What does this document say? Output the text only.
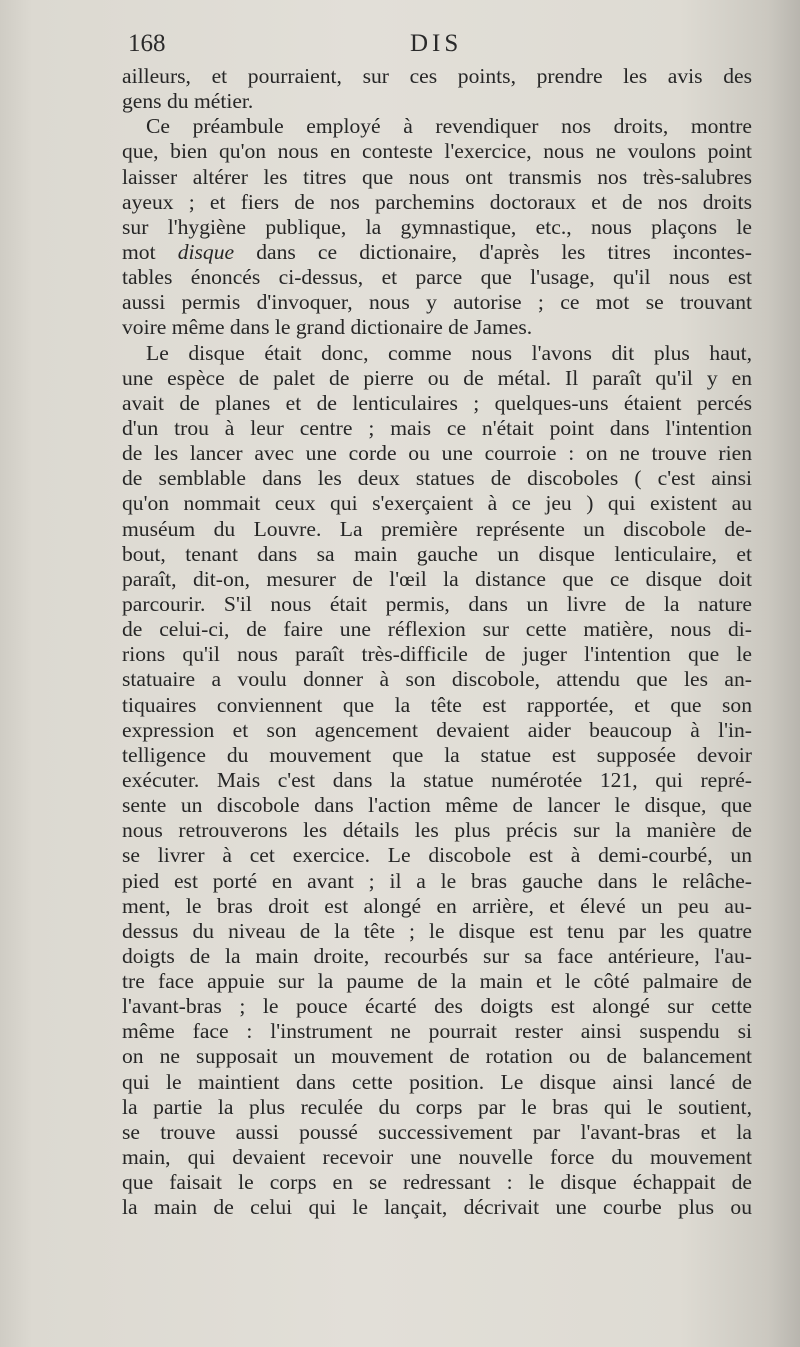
168	DIS
ailleurs, et pourraient, sur ces points, prendre les avis des
gens du métier.
Ce préambule employé à revendiquer nos droits, montre
que, bien qu'on nous en conteste l'exercice, nous ne voulons point
laisser altérer les titres que nous ont transmis nos très-salubres
ayeux ; et fiers de nos parchemins doctoraux et de nos droits
sur l'hygiène publique, la gymnastique, etc., nous plaçons le
mot disque dans ce dictionaire, d'après les titres incontes-
tables énoncés ci-dessus, et parce que l'usage, qu'il nous est
aussi permis d'invoquer, nous y autorise ; ce mot se trouvant
voire même dans le grand dictionaire de James.
Le disque était donc, comme nous l'avons dit plus haut,
une espèce de palet de pierre ou de métal. Il paraît qu'il y en
avait de planes et de lenticulaires ; quelques-uns étaient percés
d'un trou à leur centre ; mais ce n'était point dans l'intention
de les lancer avec une corde ou une courroie : on ne trouve rien
de semblable dans les deux statues de discoboles ( c'est ainsi
qu'on nommait ceux qui s'exerçaient à ce jeu ) qui existent au
muséum du Louvre. La première représente un discobole de-
bout, tenant dans sa main gauche un disque lenticulaire, et
paraît, dit-on, mesurer de l'œil la distance que ce disque doit
parcourir. S'il nous était permis, dans un livre de la nature
de celui-ci, de faire une réflexion sur cette matière, nous di-
rions qu'il nous paraît très-difficile de juger l'intention que le
statuaire a voulu donner à son discobole, attendu que les an-
tiquaires conviennent que la tête est rapportée, et que son
expression et son agencement devaient aider beaucoup à l'in-
telligence du mouvement que la statue est supposée devoir
exécuter. Mais c'est dans la statue numérotée 121, qui repré-
sente un discobole dans l'action même de lancer le disque, que
nous retrouverons les détails les plus précis sur la manière de
se livrer à cet exercice. Le discobole est à demi-courbé, un
pied est porté en avant ; il a le bras gauche dans le relâche-
ment, le bras droit est alongé en arrière, et élevé un peu au-
dessus du niveau de la tête ; le disque est tenu par les quatre
doigts de la main droite, recourbés sur sa face antérieure, l'au-
tre face appuie sur la paume de la main et le côté palmaire de
l'avant-bras ; le pouce écarté des doigts est alongé sur cette
même face : l'instrument ne pourrait rester ainsi suspendu si
on ne supposait un mouvement de rotation ou de balancement
qui le maintient dans cette position. Le disque ainsi lancé de
la partie la plus reculée du corps par le bras qui le soutient,
se trouve aussi poussé successivement par l'avant-bras et la
main, qui devaient recevoir une nouvelle force du mouvement
que faisait le corps en se redressant : le disque échappait de
la main de celui qui le lançait, décrivait une courbe plus ou
